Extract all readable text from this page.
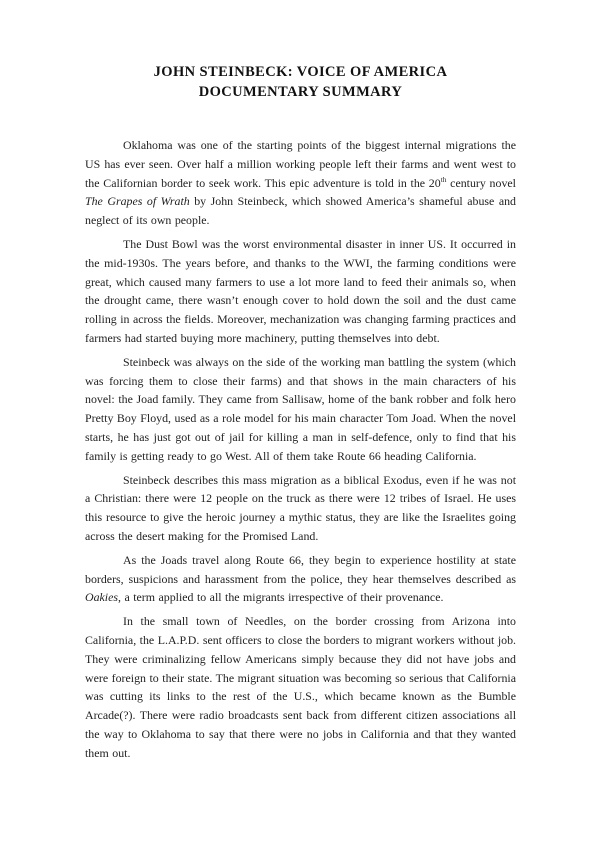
JOHN STEINBECK: VOICE OF AMERICA
DOCUMENTARY SUMMARY

Oklahoma was one of the starting points of the biggest internal migrations the US has ever seen. Over half a million working people left their farms and went west to the Californian border to seek work. This epic adventure is told in the 20th century novel The Grapes of Wrath by John Steinbeck, which showed America’s shameful abuse and neglect of its own people.

The Dust Bowl was the worst environmental disaster in inner US. It occurred in the mid-1930s. The years before, and thanks to the WWI, the farming conditions were great, which caused many farmers to use a lot more land to feed their animals so, when the drought came, there wasn’t enough cover to hold down the soil and the dust came rolling in across the fields. Moreover, mechanization was changing farming practices and farmers had started buying more machinery, putting themselves into debt.

Steinbeck was always on the side of the working man battling the system (which was forcing them to close their farms) and that shows in the main characters of his novel: the Joad family. They came from Sallisaw, home of the bank robber and folk hero Pretty Boy Floyd, used as a role model for his main character Tom Joad. When the novel starts, he has just got out of jail for killing a man in self-defence, only to find that his family is getting ready to go West. All of them take Route 66 heading California.

Steinbeck describes this mass migration as a biblical Exodus, even if he was not a Christian: there were 12 people on the truck as there were 12 tribes of Israel. He uses this resource to give the heroic journey a mythic status, they are like the Israelites going across the desert making for the Promised Land.

As the Joads travel along Route 66, they begin to experience hostility at state borders, suspicions and harassment from the police, they hear themselves described as Oakies, a term applied to all the migrants irrespective of their provenance.

In the small town of Needles, on the border crossing from Arizona into California, the L.A.P.D. sent officers to close the borders to migrant workers without job. They were criminalizing fellow Americans simply because they did not have jobs and were foreign to their state. The migrant situation was becoming so serious that California was cutting its links to the rest of the U.S., which became known as the Bumble Arcade(?). There were radio broadcasts sent back from different citizen associations all the way to Oklahoma to say that there were no jobs in California and that they wanted them out.
